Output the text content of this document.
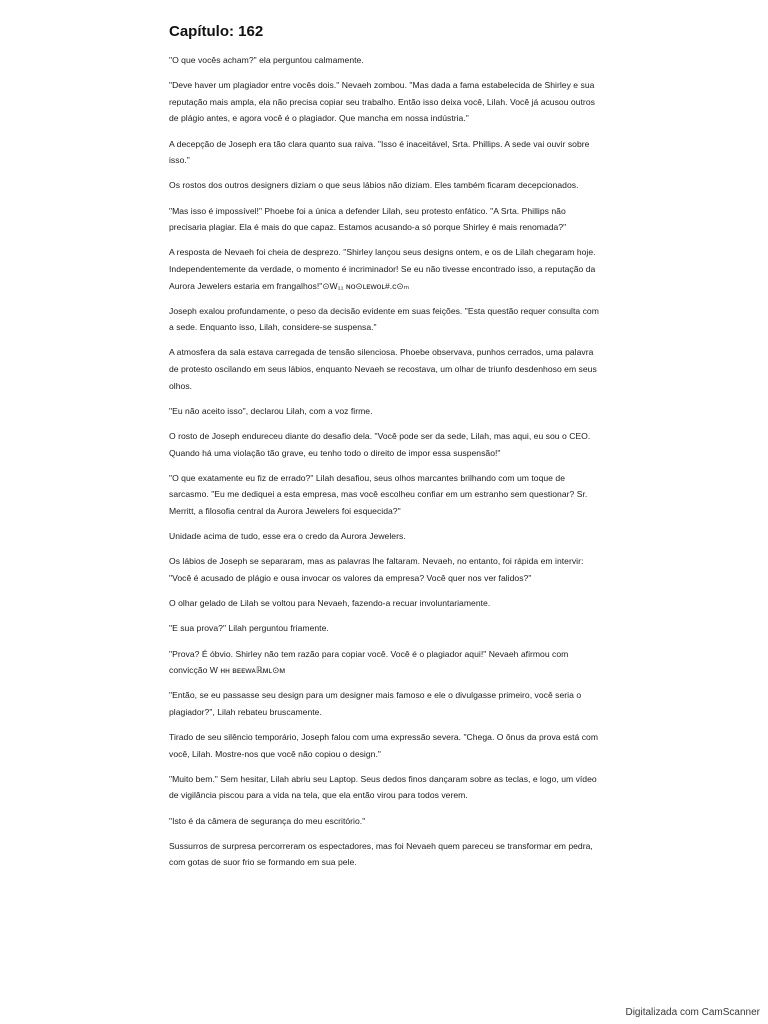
Capítulo: 162

"O que vocês acham?" ela perguntou calmamente.

"Deve haver um plagiador entre vocês dois." Nevaeh zombou. "Mas dada a fama estabelecida de Shirley e sua reputação mais ampla, ela não precisa copiar seu trabalho. Então isso deixa você, Lilah. Você já acusou outros de plágio antes, e agora você é o plagiador. Que mancha em nossa indústria."

A decepção de Joseph era tão clara quanto sua raiva. "Isso é inaceitável, Srta. Phillips. A sede vai ouvir sobre isso."

Os rostos dos outros designers diziam o que seus lábios não diziam. Eles também ficaram decepcionados.

"Mas isso é impossível!" Phoebe foi a única a defender Lilah, seu protesto enfático. "A Srta. Phillips não precisaria plagiar. Ela é mais do que capaz. Estamos acusando-a só porque Shirley é mais renomada?"

A resposta de Nevaeh foi cheia de desprezo. "Shirley lançou seus designs ontem, e os de Lilah chegaram hoje. Independentemente da verdade, o momento é incriminador! Se eu não tivesse encontrado isso, a reputação da Aurora Jewelers estaria em frangalhos!"⊙W₁₁ ɴᴏ⊙ʟᴇᴡᴏʟ#.ᴄ⊙ₘ

Joseph exalou profundamente, o peso da decisão evidente em suas feições. "Esta questão requer consulta com a sede. Enquanto isso, Lilah, considere-se suspensa."

A atmosfera da sala estava carregada de tensão silenciosa. Phoebe observava, punhos cerrados, uma palavra de protesto oscilando em seus lábios, enquanto Nevaeh se recostava, um olhar de triunfo desdenhoso em seus olhos.

"Eu não aceito isso", declarou Lilah, com a voz firme.

O rosto de Joseph endureceu diante do desafio dela. "Você pode ser da sede, Lilah, mas aqui, eu sou o CEO. Quando há uma violação tão grave, eu tenho todo o direito de impor essa suspensão!"

"O que exatamente eu fiz de errado?" Lilah desafiou, seus olhos marcantes brilhando com um toque de sarcasmo. "Eu me dediquei a esta empresa, mas você escolheu confiar em um estranho sem questionar? Sr. Merritt, a filosofia central da Aurora Jewelers foi esquecida?"

Unidade acima de tudo, esse era o credo da Aurora Jewelers.

Os lábios de Joseph se separaram, mas as palavras lhe faltaram. Nevaeh, no entanto, foi rápida em intervir: "Você é acusado de plágio e ousa invocar os valores da empresa? Você quer nos ver falidos?"

O olhar gelado de Lilah se voltou para Nevaeh, fazendo-a recuar involuntariamente.

"E sua prova?" Lilah perguntou friamente.

"Prova? É óbvio. Shirley não tem razão para copiar você. Você é o plagiador aqui!" Nevaeh afirmou com convicção W ʜʜ ʙᴇᴇwᴀℝᴍʟ⊙ᴍ

"Então, se eu passasse seu design para um designer mais famoso e ele o divulgasse primeiro, você seria o plagiador?", Lilah rebateu bruscamente.

Tirado de seu silêncio temporário, Joseph falou com uma expressão severa. "Chega. O ônus da prova está com você, Lilah. Mostre-nos que você não copiou o design."

"Muito bem." Sem hesitar, Lilah abriu seu Laptop. Seus dedos finos dançaram sobre as teclas, e logo, um vídeo de vigilância piscou para a vida na tela, que ela então virou para todos verem.

"Isto é da câmera de segurança do meu escritório."

Sussurros de surpresa percorreram os espectadores, mas foi Nevaeh quem pareceu se transformar em pedra, com gotas de suor frio se formando em sua pele.

Digitalizada com CamScanner
